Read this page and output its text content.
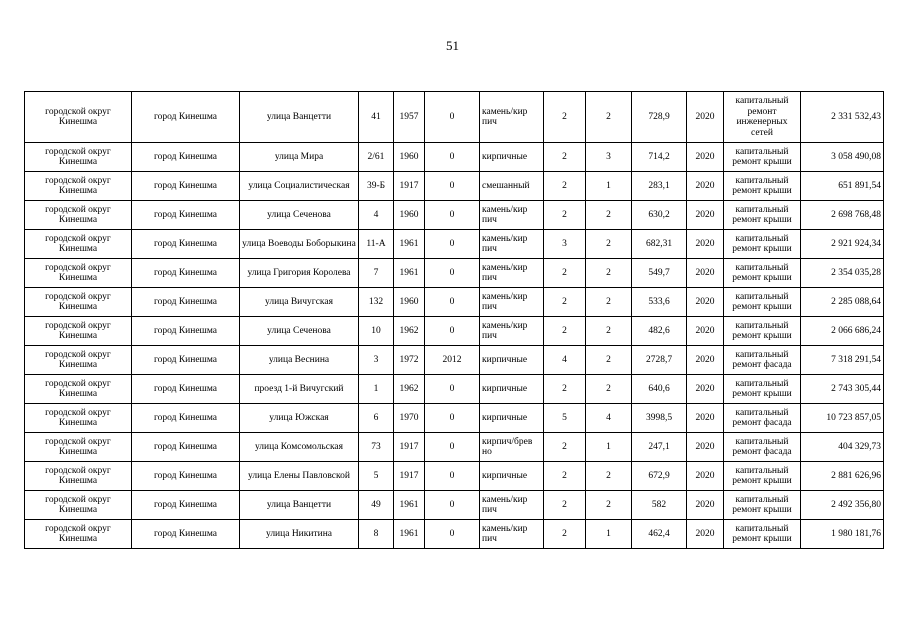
51
городской округ Кинешма	город Кинешма	улица Ванцетти	41	1957	0	камень/кир пич	2	2	728,9	2020	капитальный ремонт инженерных сетей	2 331 532,43
городской округ Кинешма	город Кинешма	улица Мира	2/61	1960	0	кирпичные	2	3	714,2	2020	капитальный ремонт крыши	3 058 490,08
городской округ Кинешма	город Кинешма	улица Социалистическая	39-Б	1917	0	смешанный	2	1	283,1	2020	капитальный ремонт крыши	651 891,54
городской округ Кинешма	город Кинешма	улица Сеченова	4	1960	0	камень/кир пич	2	2	630,2	2020	капитальный ремонт крыши	2 698 768,48
городской округ Кинешма	город Кинешма	улица Воеводы Боборыкина	11-А	1961	0	камень/кир пич	3	2	682,31	2020	капитальный ремонт крыши	2 921 924,34
городской округ Кинешма	город Кинешма	улица Григория Королева	7	1961	0	камень/кир пич	2	2	549,7	2020	капитальный ремонт крыши	2 354 035,28
городской округ Кинешма	город Кинешма	улица Вичугская	132	1960	0	камень/кир пич	2	2	533,6	2020	капитальный ремонт крыши	2 285 088,64
городской округ Кинешма	город Кинешма	улица Сеченова	10	1962	0	камень/кир пич	2	2	482,6	2020	капитальный ремонт крыши	2 066 686,24
городской округ Кинешма	город Кинешма	улица Веснина	3	1972	2012	кирпичные	4	2	2728,7	2020	капитальный ремонт фасада	7 318 291,54
городской округ Кинешма	город Кинешма	проезд 1-й Вичугский	1	1962	0	кирпичные	2	2	640,6	2020	капитальный ремонт крыши	2 743 305,44
городской округ Кинешма	город Кинешма	улица Южская	6	1970	0	кирпичные	5	4	3998,5	2020	капитальный ремонт фасада	10 723 857,05
городской округ Кинешма	город Кинешма	улица Комсомольская	73	1917	0	кирпич/брев но	2	1	247,1	2020	капитальный ремонт фасада	404 329,73
городской округ Кинешма	город Кинешма	улица Елены Павловской	5	1917	0	кирпичные	2	2	672,9	2020	капитальный ремонт крыши	2 881 626,96
городской округ Кинешма	город Кинешма	улица Ванцетти	49	1961	0	камень/кир пич	2	2	582	2020	капитальный ремонт крыши	2 492 356,80
городской округ Кинешма	город Кинешма	улица Никитина	8	1961	0	камень/кир пич	2	1	462,4	2020	капитальный ремонт крыши	1 980 181,76
